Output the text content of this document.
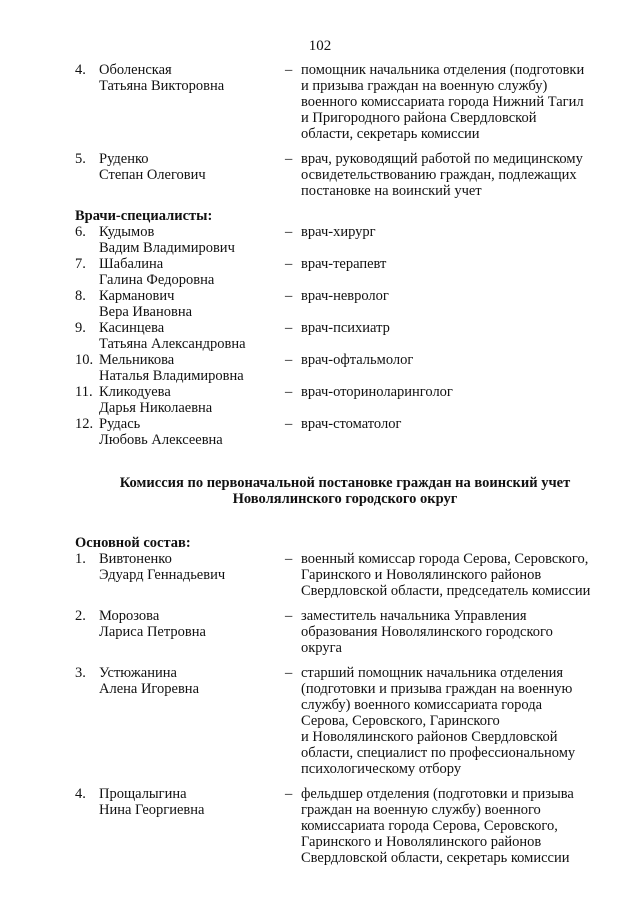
102
4. Оболенская
Татьяна Викторовна
– помощник начальника отделения (подготовки
и призыва граждан на военную службу)
военного комиссариата города Нижний Тагил
и Пригородного района Свердловской
области, секретарь комиссии
5. Руденко
Степан Олегович
– врач, руководящий работой по медицинскому
освидетельствованию граждан, подлежащих
постановке на воинский учет
Врачи-специалисты:
6. Кудымов
Вадим Владимирович
– врач-хирург
7. Шабалина
Галина Федоровна
– врач-терапевт
8. Карманович
Вера Ивановна
– врач-невролог
9. Касинцева
Татьяна Александровна
– врач-психиатр
10. Мельникова
Наталья Владимировна
– врач-офтальмолог
11. Кликодуева
Дарья Николаевна
– врач-оториноларинголог
12. Рудась
Любовь Алексеевна
– врач-стоматолог
Комиссия по первоначальной постановке граждан на воинский учет
Новолялинского городского округ
Основной состав:
1. Вивтоненко
Эдуард Геннадьевич
– военный комиссар города Серова, Серовского,
Гаринского и Новолялинского районов
Свердловской области, председатель комиссии
2. Морозова
Лариса Петровна
– заместитель начальника Управления
образования Новолялинского городского
округа
3. Устюжанина
Алена Игоревна
– старший помощник начальника отделения
(подготовки и призыва граждан на военную
службу) военного комиссариата города
Серова, Серовского, Гаринского
и Новолялинского районов Свердловской
области, специалист по профессиональному
психологическому отбору
4. Прощалыгина
Нина Георгиевна
– фельдшер отделения (подготовки и призыва
граждан на военную службу) военного
комиссариата города Серова, Серовского,
Гаринского и Новолялинского районов
Свердловской области, секретарь комиссии
